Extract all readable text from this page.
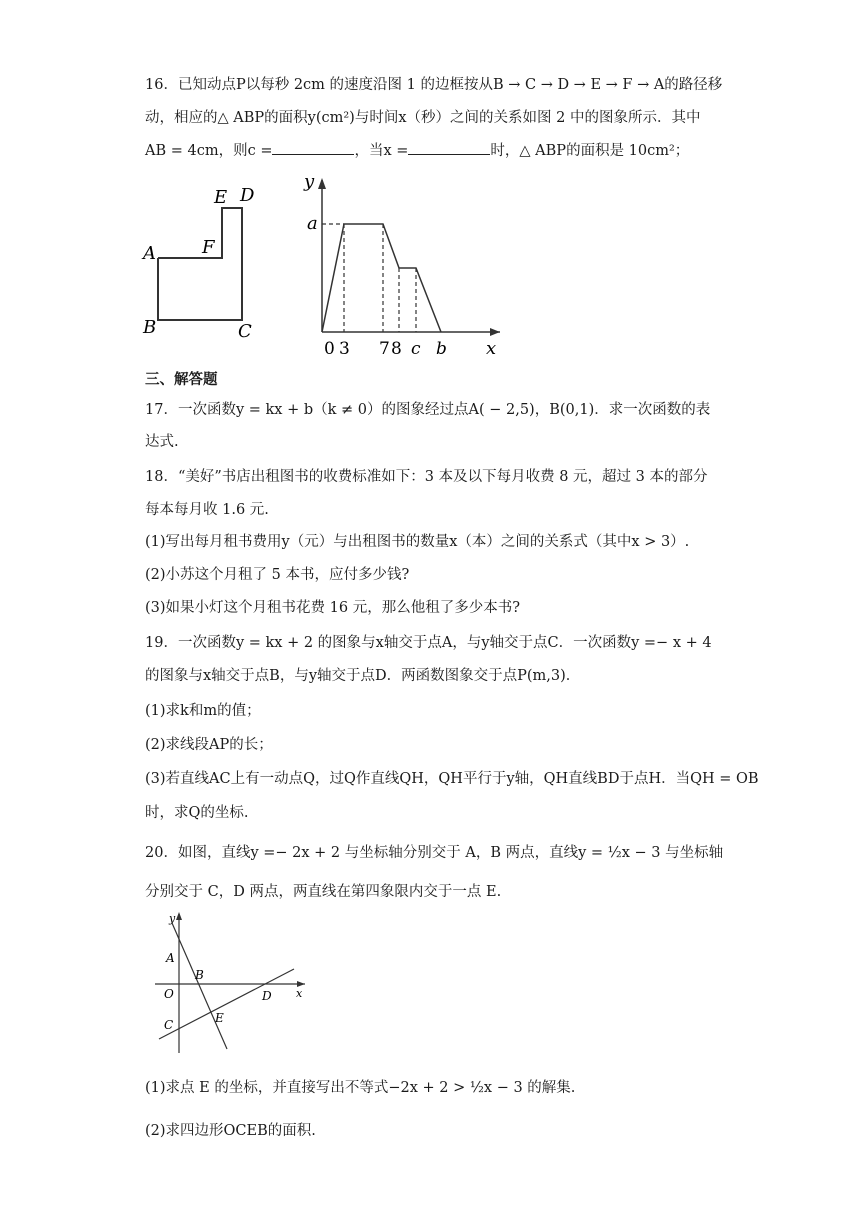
16．已知动点P以每秒 2cm 的速度沿图 1 的边框按从B → C → D → E → F → A的路径移
动，相应的△ ABP的面积y(cm²)与时间x（秒）之间的关系如图 2 中的图象所示．其中
AB = 4cm，则c =	，当x =	时，△ ABP的面积是 10cm²；
A
B	C
D
E
F
y
x
a
0 3 7 8 c b
三、解答题
17．一次函数y = kx + b（k ≠ 0）的图象经过点A( − 2,5)，B(0,1)．求一次函数的表
达式.
18．“美好”书店出租图书的收费标准如下：3 本及以下每月收费 8 元，超过 3 本的部分
每本每月收 1.6 元.
(1)写出每月租书费用y（元）与出租图书的数量x（本）之间的关系式（其中x > 3）.
(2)小苏这个月租了 5 本书，应付多少钱?
(3)如果小灯这个月租书花费 16 元，那么他租了多少本书?
19．一次函数y = kx + 2 的图象与x轴交于点A，与y轴交于点C．一次函数y =− x + 4
的图象与x轴交于点B，与y轴交于点D．两函数图象交于点P(m,3)．
(1)求k和m的值；
(2)求线段AP的长；
(3)若直线AC上有一动点Q，过Q作直线QH，QH平行于y轴，QH直线BD于点H．当QH = OB
时，求Q的坐标.
20．如图，直线y =− 2x + 2 与坐标轴分别交于 A，B 两点，直线y = ½x − 3 与坐标轴
分别交于 C，D 两点，两直线在第四象限内交于一点 E.
y
x
A
B
O	D
C	E
(1)求点 E 的坐标，并直接写出不等式−2x + 2 > ½x − 3 的解集.
(2)求四边形OCEB的面积.
